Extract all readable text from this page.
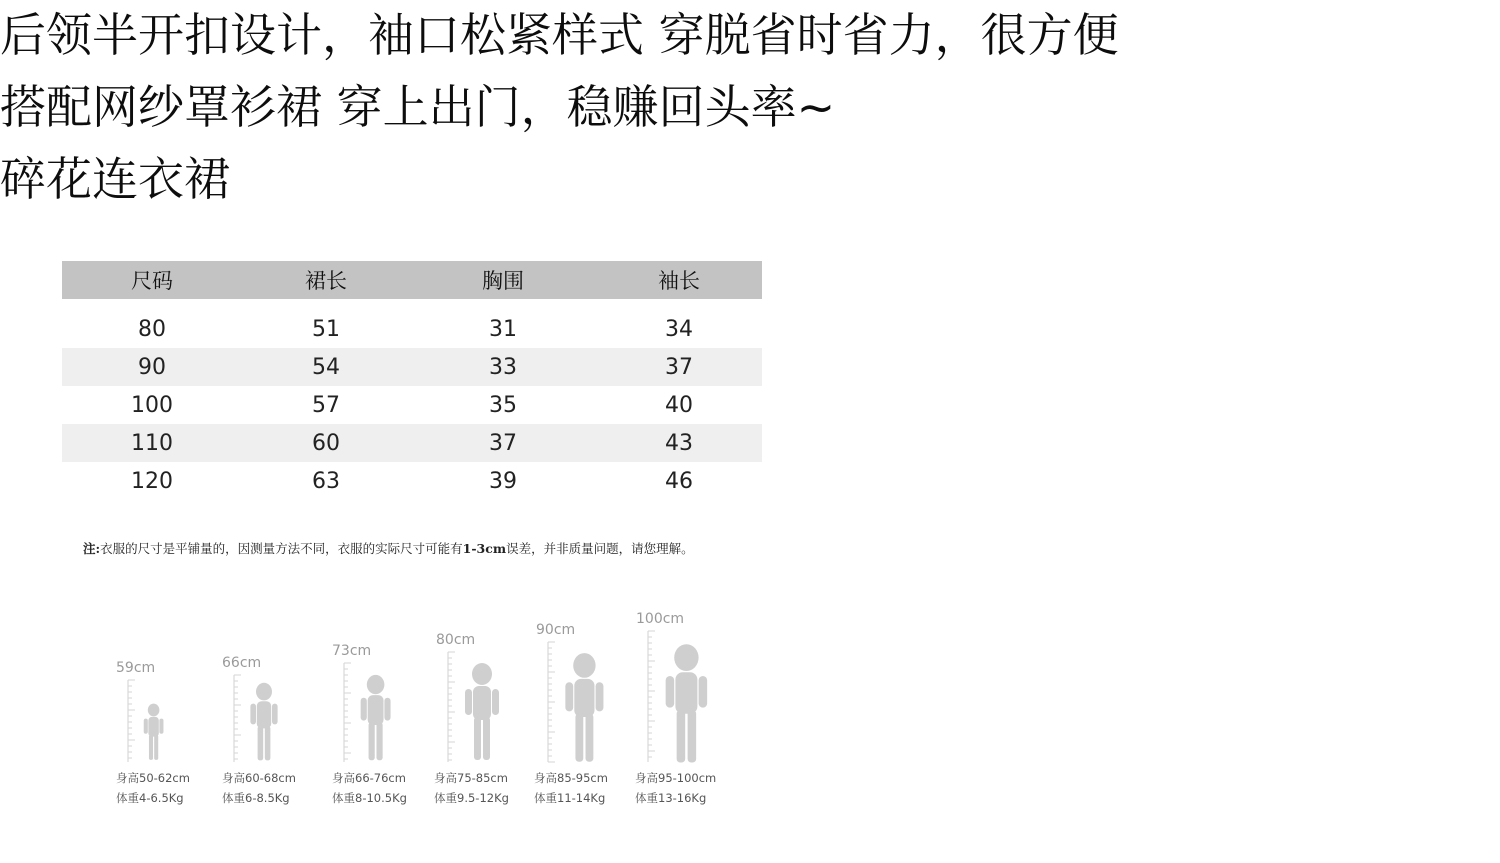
后领半开扣设计，袖口松紧样式 穿脱省时省力，很方便
搭配网纱罩衫裙 穿上出门，稳赚回头率~
碎花连衣裙
尺码	裙长	胸围	袖长

80	51	31	34
90	54	33	37
100	57	35	40
110	60	37	43
120	63	39	46
注:衣服的尺寸是平铺量的，因测量方法不同，衣服的实际尺寸可能有1-3cm误差，并非质量问题，请您理解。
59cm
身高50-62cm
体重4-6.5Kg
66cm
身高60-68cm
体重6-8.5Kg
73cm
身高66-76cm
体重8-10.5Kg
80cm
身高75-85cm
体重9.5-12Kg
90cm
身高85-95cm
体重11-14Kg
100cm
身高95-100cm
体重13-16Kg
